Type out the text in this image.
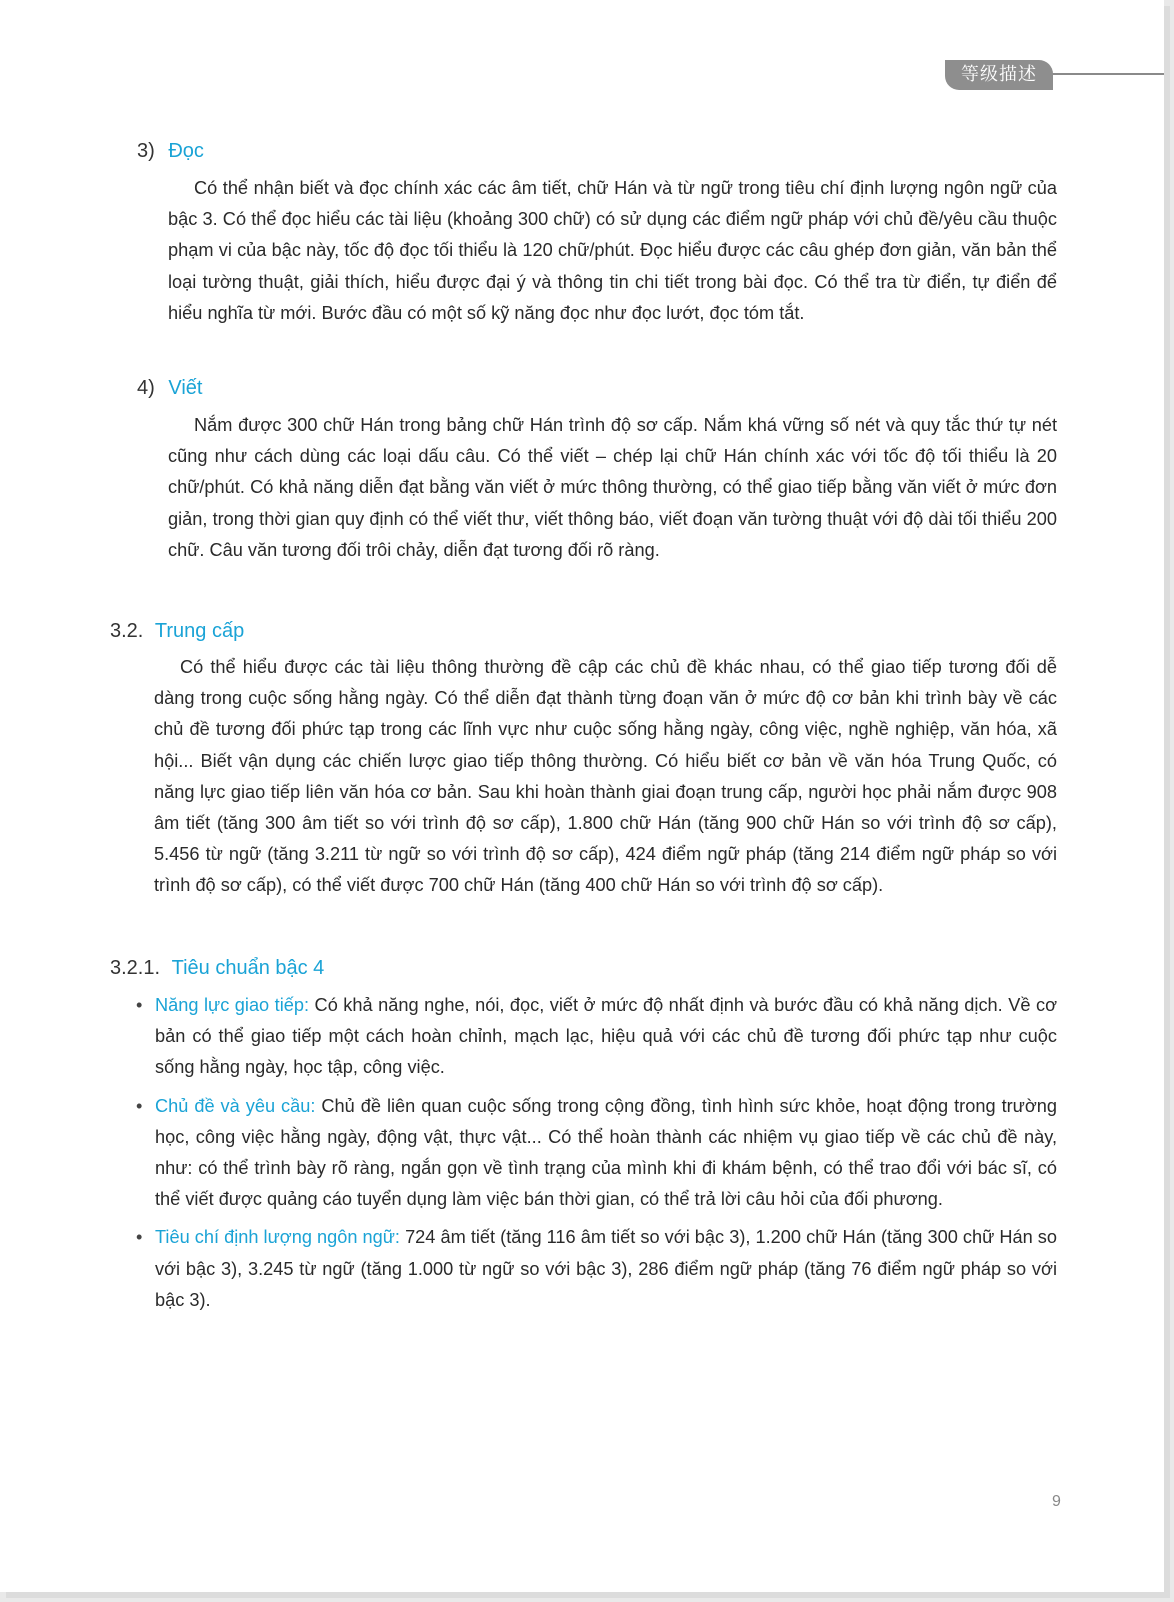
等级描述
3) Đọc
Có thể nhận biết và đọc chính xác các âm tiết, chữ Hán và từ ngữ trong tiêu chí định lượng ngôn ngữ của bậc 3. Có thể đọc hiểu các tài liệu (khoảng 300 chữ) có sử dụng các điểm ngữ pháp với chủ đề/yêu cầu thuộc phạm vi của bậc này, tốc độ đọc tối thiểu là 120 chữ/phút. Đọc hiểu được các câu ghép đơn giản, văn bản thể loại tường thuật, giải thích, hiểu được đại ý và thông tin chi tiết trong bài đọc. Có thể tra từ điển, tự điển để hiểu nghĩa từ mới. Bước đầu có một số kỹ năng đọc như đọc lướt, đọc tóm tắt.
4) Viết
Nắm được 300 chữ Hán trong bảng chữ Hán trình độ sơ cấp. Nắm khá vững số nét và quy tắc thứ tự nét cũng như cách dùng các loại dấu câu. Có thể viết – chép lại chữ Hán chính xác với tốc độ tối thiểu là 20 chữ/phút. Có khả năng diễn đạt bằng văn viết ở mức thông thường, có thể giao tiếp bằng văn viết ở mức đơn giản, trong thời gian quy định có thể viết thư, viết thông báo, viết đoạn văn tường thuật với độ dài tối thiểu 200 chữ. Câu văn tương đối trôi chảy, diễn đạt tương đối rõ ràng.
3.2. Trung cấp
Có thể hiểu được các tài liệu thông thường đề cập các chủ đề khác nhau, có thể giao tiếp tương đối dễ dàng trong cuộc sống hằng ngày. Có thể diễn đạt thành từng đoạn văn ở mức độ cơ bản khi trình bày về các chủ đề tương đối phức tạp trong các lĩnh vực như cuộc sống hằng ngày, công việc, nghề nghiệp, văn hóa, xã hội... Biết vận dụng các chiến lược giao tiếp thông thường. Có hiểu biết cơ bản về văn hóa Trung Quốc, có năng lực giao tiếp liên văn hóa cơ bản. Sau khi hoàn thành giai đoạn trung cấp, người học phải nắm được 908 âm tiết (tăng 300 âm tiết so với trình độ sơ cấp), 1.800 chữ Hán (tăng 900 chữ Hán so với trình độ sơ cấp), 5.456 từ ngữ (tăng 3.211 từ ngữ so với trình độ sơ cấp), 424 điểm ngữ pháp (tăng 214 điểm ngữ pháp so với trình độ sơ cấp), có thể viết được 700 chữ Hán (tăng 400 chữ Hán so với trình độ sơ cấp).
3.2.1. Tiêu chuẩn bậc 4
• Năng lực giao tiếp: Có khả năng nghe, nói, đọc, viết ở mức độ nhất định và bước đầu có khả năng dịch. Về cơ bản có thể giao tiếp một cách hoàn chỉnh, mạch lạc, hiệu quả với các chủ đề tương đối phức tạp như cuộc sống hằng ngày, học tập, công việc.
• Chủ đề và yêu cầu: Chủ đề liên quan cuộc sống trong cộng đồng, tình hình sức khỏe, hoạt động trong trường học, công việc hằng ngày, động vật, thực vật... Có thể hoàn thành các nhiệm vụ giao tiếp về các chủ đề này, như: có thể trình bày rõ ràng, ngắn gọn về tình trạng của mình khi đi khám bệnh, có thể trao đổi với bác sĩ, có thể viết được quảng cáo tuyển dụng làm việc bán thời gian, có thể trả lời câu hỏi của đối phương.
• Tiêu chí định lượng ngôn ngữ: 724 âm tiết (tăng 116 âm tiết so với bậc 3), 1.200 chữ Hán (tăng 300 chữ Hán so với bậc 3), 3.245 từ ngữ (tăng 1.000 từ ngữ so với bậc 3), 286 điểm ngữ pháp (tăng 76 điểm ngữ pháp so với bậc 3).
9
